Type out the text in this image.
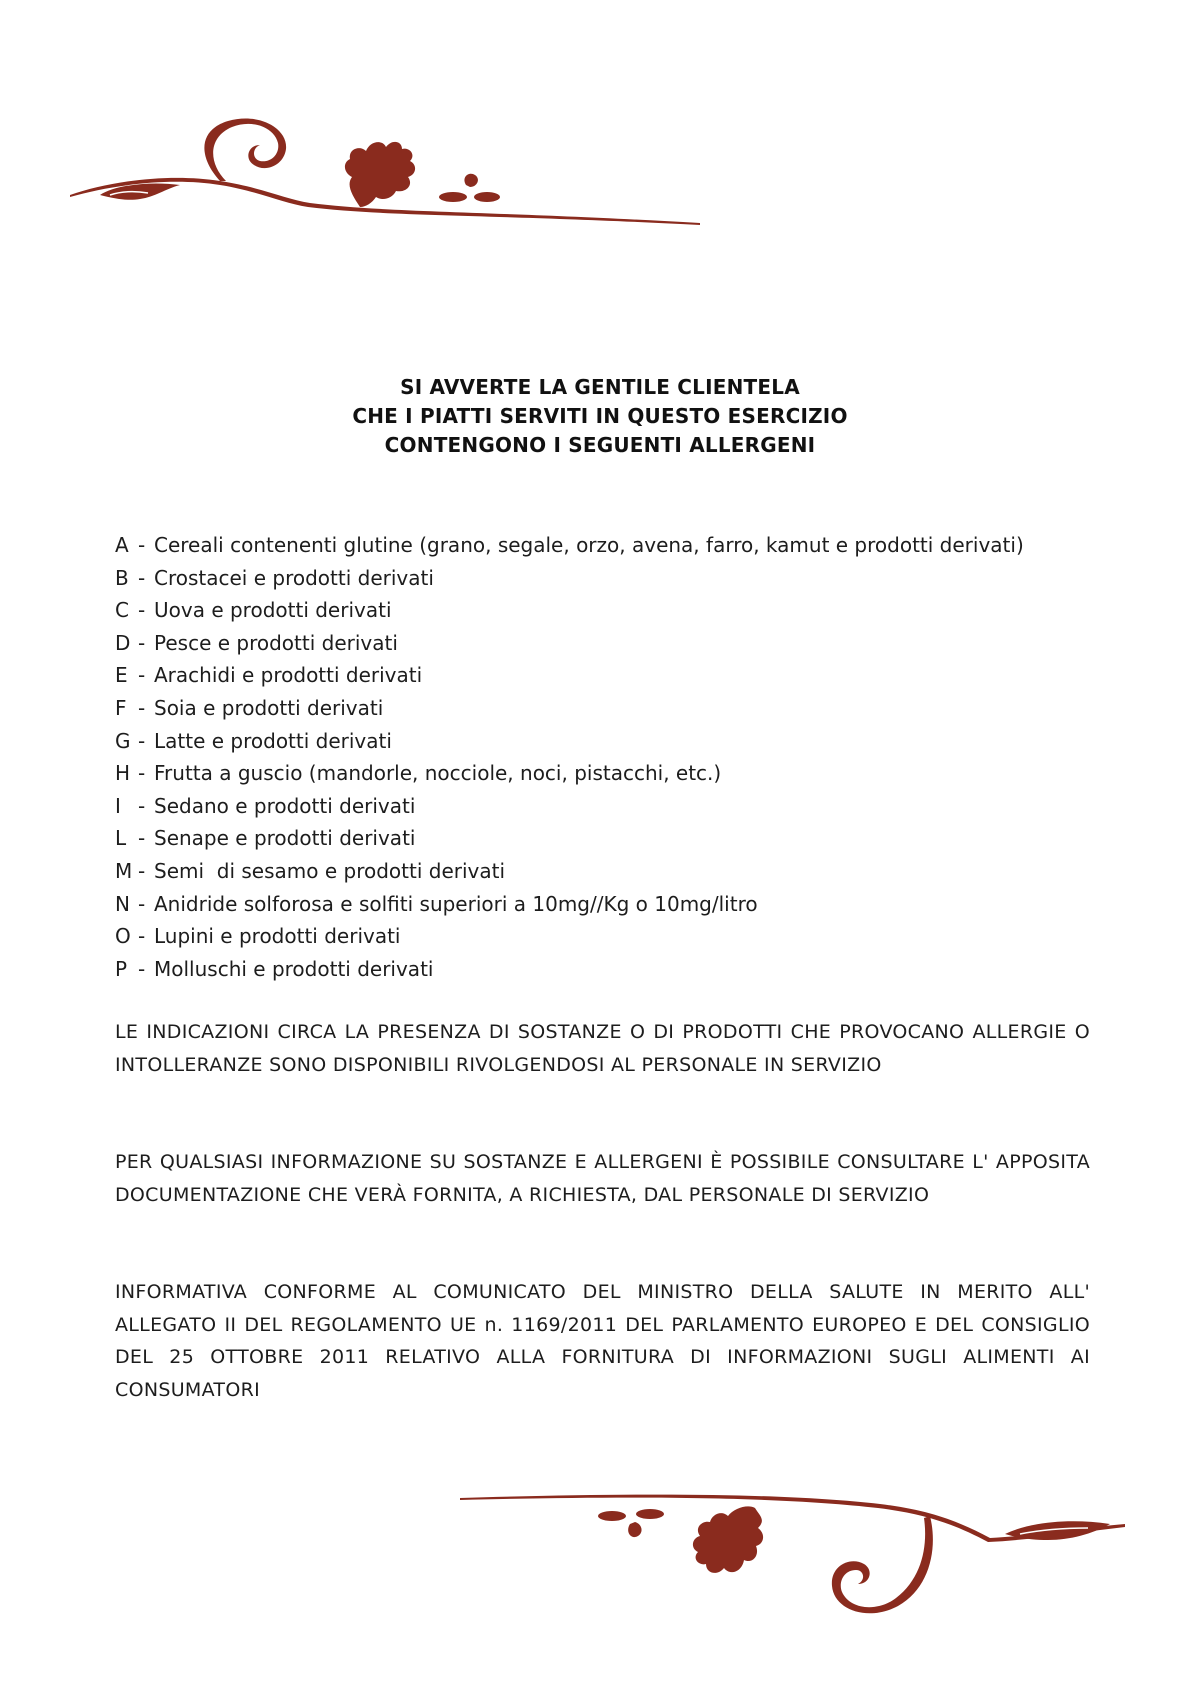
SI AVVERTE LA GENTILE CLIENTELA
CHE I PIATTI SERVITI IN QUESTO ESERCIZIO
CONTENGONO I SEGUENTI ALLERGENI
A - Cereali contenenti glutine (grano, segale, orzo, avena, farro, kamut e prodotti derivati)
B - Crostacei e prodotti derivati
C - Uova e prodotti derivati
D - Pesce e prodotti derivati
E - Arachidi e prodotti derivati
F - Soia e prodotti derivati
G - Latte e prodotti derivati
H - Frutta a guscio (mandorle, nocciole, noci, pistacchi, etc.)
I - Sedano e prodotti derivati
L - Senape e prodotti derivati
M - Semi  di sesamo e prodotti derivati
N - Anidride solforosa e solfiti superiori a 10mg//Kg o 10mg/litro
O - Lupini e prodotti derivati
P - Molluschi e prodotti derivati

LE INDICAZIONI CIRCA LA PRESENZA DI SOSTANZE O DI PRODOTTI CHE PROVOCANO ALLERGIE O INTOLLERANZE SONO DISPONIBILI RIVOLGENDOSI AL PERSONALE IN SERVIZIO

PER QUALSIASI INFORMAZIONE SU SOSTANZE E ALLERGENI È POSSIBILE CONSULTARE L' APPOSITA DOCUMENTAZIONE CHE VERÀ FORNITA, A RICHIESTA, DAL PERSONALE DI SERVIZIO

INFORMATIVA CONFORME AL COMUNICATO DEL MINISTRO DELLA SALUTE IN MERITO ALL' ALLEGATO II DEL REGOLAMENTO UE n. 1169/2011 DEL PARLAMENTO EUROPEO E DEL CONSIGLIO DEL 25 OTTOBRE 2011 RELATIVO ALLA FORNITURA DI INFORMAZIONI SUGLI ALIMENTI AI CONSUMATORI
